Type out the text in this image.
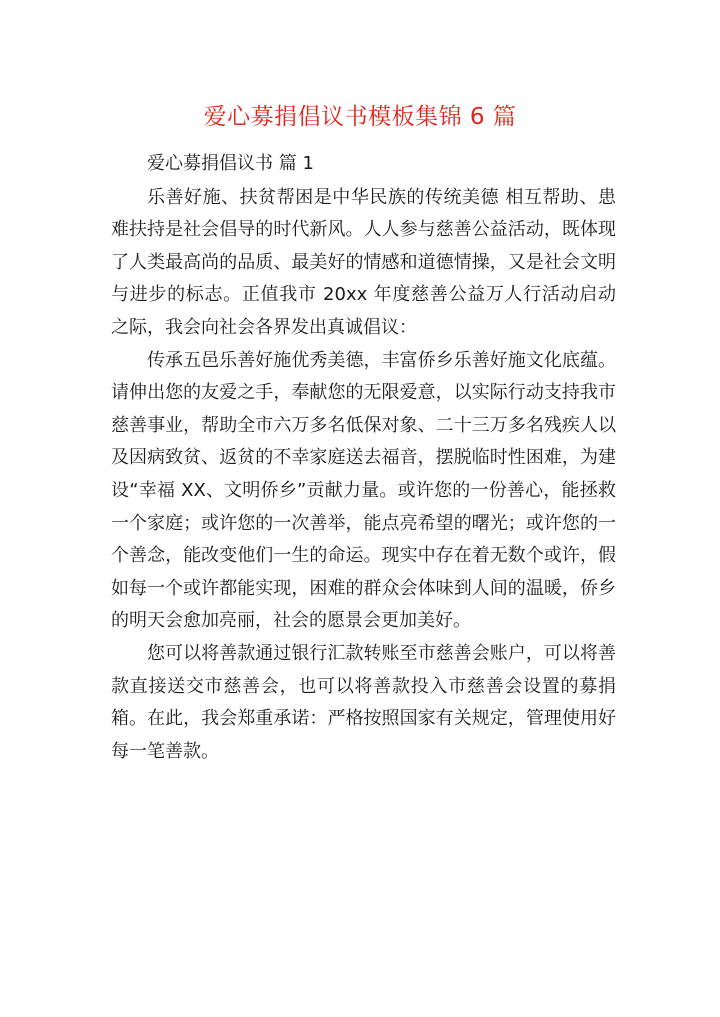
爱心募捐倡议书模板集锦 6 篇

爱心募捐倡议书 篇 1

乐善好施、扶贫帮困是中华民族的传统美德 相互帮助、患难扶持是社会倡导的时代新风。人人参与慈善公益活动，既体现了人类最高尚的品质、最美好的情感和道德情操，又是社会文明与进步的标志。正值我市 20xx 年度慈善公益万人行活动启动之际，我会向社会各界发出真诚倡议：

传承五邑乐善好施优秀美德，丰富侨乡乐善好施文化底蕴。请伸出您的友爱之手，奉献您的无限爱意，以实际行动支持我市慈善事业，帮助全市六万多名低保对象、二十三万多名残疾人以及因病致贫、返贫的不幸家庭送去福音，摆脱临时性困难，为建设“幸福 XX、文明侨乡”贡献力量。或许您的一份善心，能拯救一个家庭；或许您的一次善举，能点亮希望的曙光；或许您的一个善念，能改变他们一生的命运。现实中存在着无数个或许，假如每一个或许都能实现，困难的群众会体味到人间的温暖，侨乡的明天会愈加亮丽，社会的愿景会更加美好。

您可以将善款通过银行汇款转账至市慈善会账户，可以将善款直接送交市慈善会，也可以将善款投入市慈善会设置的募捐箱。在此，我会郑重承诺：严格按照国家有关规定，管理使用好每一笔善款。
